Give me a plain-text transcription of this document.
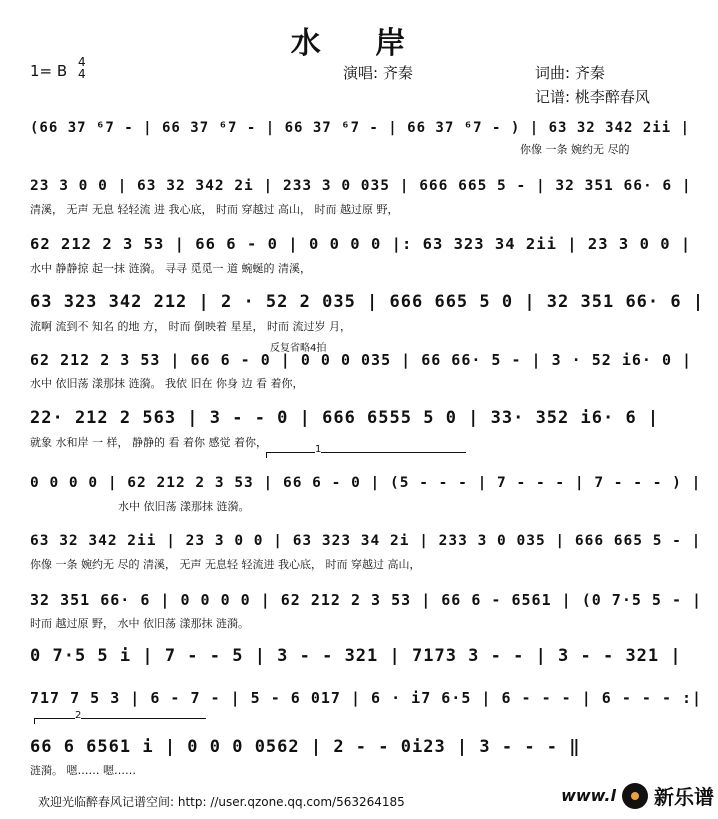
水 岸
1= B 4
4	演唱: 齐秦	词曲: 齐秦
记谱: 桃李醉春风
反复省略4拍
1
2
(66 37 ⁶7 - | 66 37 ⁶7 - | 66 37 ⁶7 - | 66 37 ⁶7 - ) | 63 32 342 2ii |
你像 一条 婉约无 尽的
23 3 0 0 | 63 32 342 2i | 233 3 0 035 | 666 665 5 - | 32 351 66· 6 |
清溪， 无声 无息 轻轻流 进 我心底， 时而 穿越过 高山， 时而 越过原 野，
62 212 2 3 53 | 66 6 - 0 | 0 0 0 0 |: 63 323 34 2ii | 23 3 0 0 |
水中 静静掠 起一抹 涟漪。 寻寻 觅觅一 道 蜿蜒的 清溪，
63 323 342 212 | 2 · 52 2 035 | 666 665 5 0 | 32 351 66· 6 |
流啊 流到不 知名 的地 方， 时而 倒映着 星星， 时而 流过岁 月，
62 212 2 3 53 | 66 6 - 0 | 0 0 0 035 | 66 66· 5 - | 3 · 52 i6· 0 |
水中 依旧荡 漾那抹 涟漪。 我依 旧在 你身 边 看 着你，
22· 212 2 563 | 3 - - 0 | 666 6555 5 0 | 33· 352 i6· 6 |
就象 水和岸 一 样， 静静的 看 着你 感觉 着你，
0 0 0 0 | 62 212 2 3 53 | 66 6 - 0 | (5 - - - | 7 - - - | 7 - - - ) |
水中 依旧荡 漾那抹 涟漪。
63 32 342 2ii | 23 3 0 0 | 63 323 34 2i | 233 3 0 035 | 666 665 5 - |
你像 一条 婉约无 尽的 清溪， 无声 无息轻 轻流进 我心底， 时而 穿越过 高山，
32 351 66· 6 | 0 0 0 0 | 62 212 2 3 53 | 66 6 - 6561 | (0 7·5 5 - |
时而 越过原 野， 水中 依旧荡 漾那抹 涟漪。
0 7·5 5 i | 7 - - 5 | 3 - - 321 | 7173 3 - - | 3 - - 321 |
717 7 5 3 | 6 - 7 - | 5 - 6 017 | 6 · i7 6·5 | 6 - - - | 6 - - - :|
66 6 6561 i | 0 0 0 0562 | 2 - - 0i23 | 3 - - - ‖
涟漪。 嗯…… 嗯……
欢迎光临醉春风记谱空间: http: //user.qzone.qq.com/563264185	www.l 新乐谱
